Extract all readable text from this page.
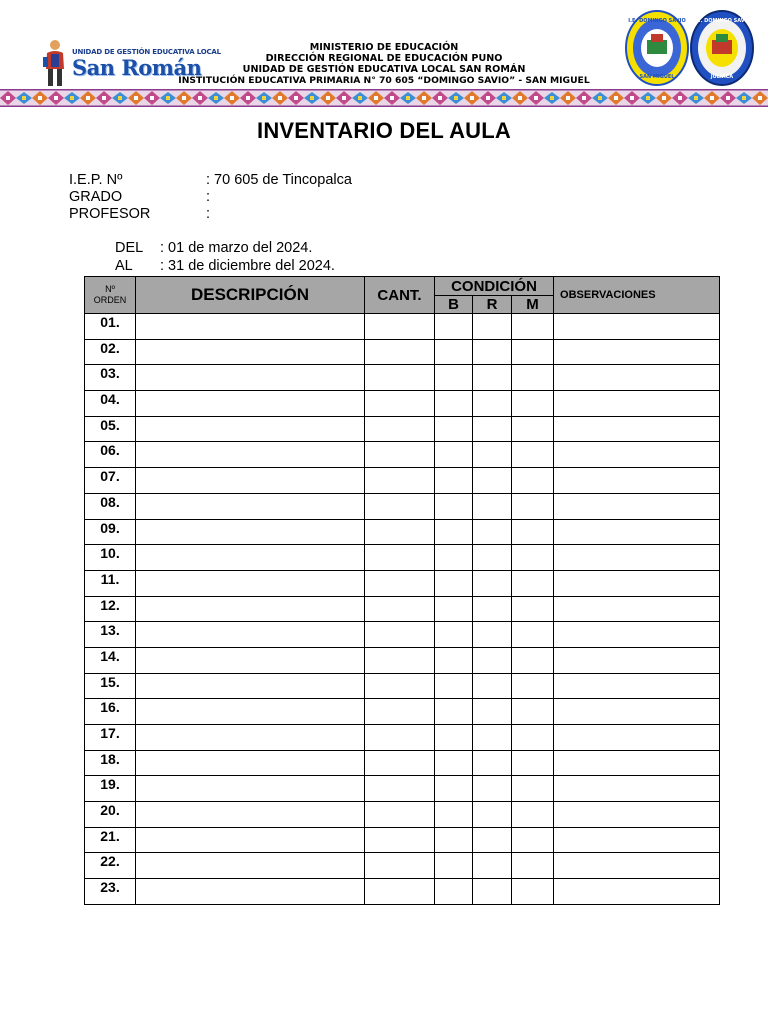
UNIDAD DE GESTIÓN EDUCATIVA LOCAL
San Román
MINISTERIO DE EDUCACIÓN
DIRECCIÓN REGIONAL DE EDUCACIÓN PUNO
UNIDAD DE GESTIÓN EDUCATIVA LOCAL SAN ROMÁN
INSTITUCIÓN EDUCATIVA PRIMARIA N° 70 605 “DOMINGO SAVIO” - SAN MIGUEL
I.E. DOMINGO SAVIO
SAN MIGUEL
I.E. DOMINGO SAVIO
JULIACA
INVENTARIO DEL AULA
I.E.P. Nº	: 70 605 de Tincopalca
GRADO	:
PROFESOR	:
DEL : 01 de marzo del 2024.
AL : 31 de diciembre del 2024.
Nº
ORDEN	DESCRIPCIÓN	CANT.	CONDICIÓN			OBSERVACIONES
			B	R	M	
01.						
02.						
03.						
04.						
05.						
06.						
07.						
08.						
09.						
10.						
11.						
12.						
13.						
14.						
15.						
16.						
17.						
18.						
19.						
20.						
21.						
22.						
23.						
